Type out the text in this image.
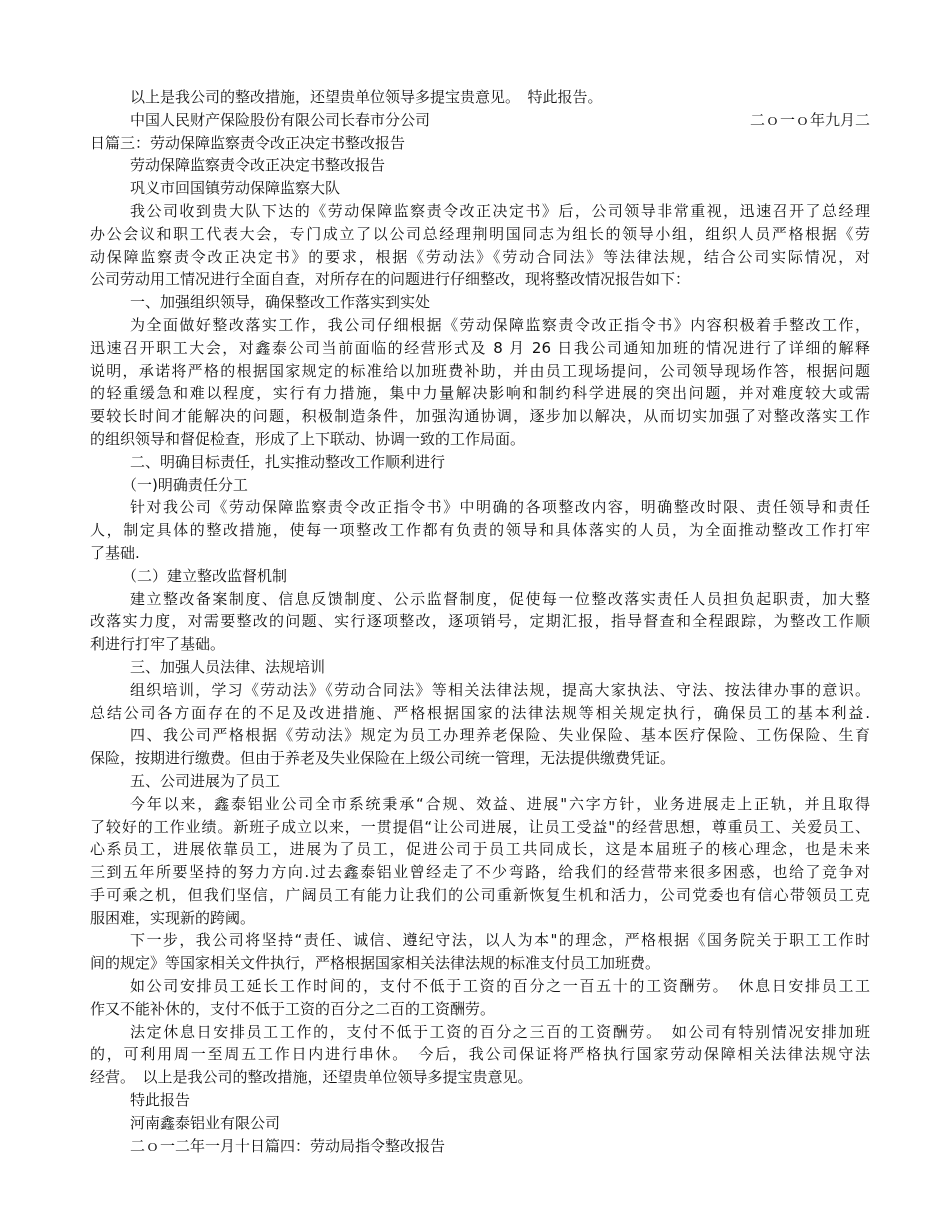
以上是我公司的整改措施，还望贵单位领导多提宝贵意见。　特此报告。
中国人民财产保险股份有限公司长春市分公司	二ｏ一ｏ年九月二
日篇三：劳动保障监察责令改正决定书整改报告
劳动保障监察责令改正决定书整改报告
巩义市回国镇劳动保障监察大队
我公司收到贵大队下达的《劳动保障监察责令改正决定书》后，公司领导非常重视，迅速召开了总经理
办公会议和职工代表大会，专门成立了以公司总经理荆明国同志为组长的领导小组，组织人员严格根据《劳
动保障监察责令改正决定书》的要求，根据《劳动法》《劳动合同法》等法律法规，结合公司实际情况，对
公司劳动用工情况进行全面自查，对所存在的问题进行仔细整改，现将整改情况报告如下：
一、加强组织领导，确保整改工作落实到实处
为全面做好整改落实工作，我公司仔细根据《劳动保障监察责令改正指令书》内容积极着手整改工作，
迅速召开职工大会，对鑫泰公司当前面临的经营形式及 8 月 26 日我公司通知加班的情况进行了详细的解释
说明，承诺将严格的根据国家规定的标准给以加班费补助，并由员工现场提问，公司领导现场作答，根据问题
的轻重缓急和难以程度，实行有力措施，集中力量解决影响和制约科学进展的突出问题，并对难度较大或需
要较长时间才能解决的问题，积极制造条件，加强沟通协调，逐步加以解决，从而切实加强了对整改落实工作
的组织领导和督促检查，形成了上下联动、协调一致的工作局面。
二、明确目标责任，扎实推动整改工作顺利进行
（一)明确责任分工
针对我公司《劳动保障监察责令改正指令书》中明确的各项整改内容，明确整改时限、责任领导和责任
人，制定具体的整改措施，使每一项整改工作都有负责的领导和具体落实的人员，为全面推动整改工作打牢
了基础.
（二）建立整改监督机制
建立整改备案制度、信息反馈制度、公示监督制度，促使每一位整改落实责任人员担负起职责，加大整
改落实力度，对需要整改的问题、实行逐项整改，逐项销号，定期汇报，指导督查和全程跟踪，为整改工作顺
利进行打牢了基础。
三、加强人员法律、法规培训
组织培训，学习《劳动法》《劳动合同法》等相关法律法规，提高大家执法、守法、按法律办事的意识。
总结公司各方面存在的不足及改进措施、严格根据国家的法律法规等相关规定执行，确保员工的基本利益.
四、我公司严格根据《劳动法》规定为员工办理养老保险、失业保险、基本医疗保险、工伤保险、生育
保险，按期进行缴费。但由于养老及失业保险在上级公司统一管理，无法提供缴费凭证。
五、公司进展为了员工
今年以来，鑫泰铝业公司全市系统秉承“合规、效益、进展"六字方针，业务进展走上正轨，并且取得
了较好的工作业绩。新班子成立以来，一贯提倡“让公司进展，让员工受益"的经营思想，尊重员工、关爱员工、
心系员工，进展依靠员工，进展为了员工，促进公司于员工共同成长，这是本届班子的核心理念，也是未来
三到五年所要坚持的努力方向.过去鑫泰铝业曾经走了不少弯路，给我们的经营带来很多困惑，也给了竞争对
手可乘之机，但我们坚信，广阔员工有能力让我们的公司重新恢复生机和活力，公司党委也有信心带领员工克
服困难，实现新的跨阈。
下一步，我公司将坚持“责任、诚信、遵纪守法，以人为本"的理念，严格根据《国务院关于职工工作时
间的规定》等国家相关文件执行，严格根据国家相关法律法规的标准支付员工加班费。
如公司安排员工延长工作时间的，支付不低于工资的百分之一百五十的工资酬劳。　休息日安排员工工
作又不能补休的，支付不低于工资的百分之二百的工资酬劳。
法定休息日安排员工工作的，支付不低于工资的百分之三百的工资酬劳。　如公司有特别情况安排加班
的，可利用周一至周五工作日内进行串休。　今后，我公司保证将严格执行国家劳动保障相关法律法规守法
经营。　以上是我公司的整改措施，还望贵单位领导多提宝贵意见。
特此报告
河南鑫泰铝业有限公司
二ｏ一二年一月十日篇四：劳动局指令整改报告
